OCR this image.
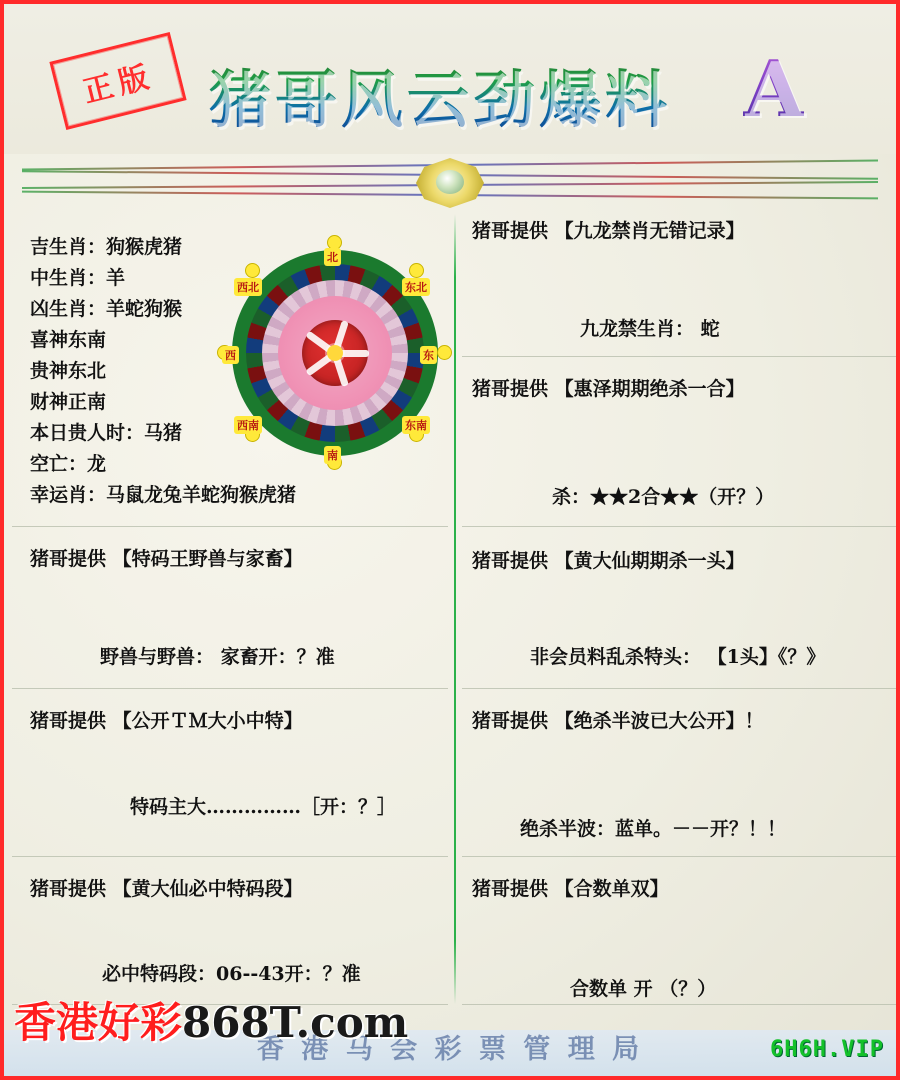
正版 猪哥风云劲爆料 A
北
西北	东北
西	东
西南	东南
南
吉生肖：狗猴虎猪
中生肖：羊
凶生肖：羊蛇狗猴
喜神东南
贵神东北
财神正南
本日贵人时：马猪
空亡：龙
幸运肖：马鼠龙兔羊蛇狗猴虎猪
猪哥提供 【特码王野兽与家畜】
野兽与野兽： 家畜开：？准
猪哥提供 【公开ＴＭ大小中特】
特码主大……………［开：？］
猪哥提供 【黄大仙必中特码段】
必中特码段：06--43开：？准
猪哥提供 【九龙禁肖无错记录】
九龙禁生肖： 蛇
猪哥提供 【惠泽期期绝杀一合】
杀：★★2合★★（开？）
猪哥提供 【黄大仙期期杀一头】
非会员料乱杀特头： 【1头】《？》
猪哥提供 【绝杀半波已大公开】！
绝杀半波：蓝单。－－开？！！
猪哥提供 【合数单双】
合数单 开 （？）
香 港 马 会 彩 票 管 理 局
香港好彩868T.com
6H6H.VIP
